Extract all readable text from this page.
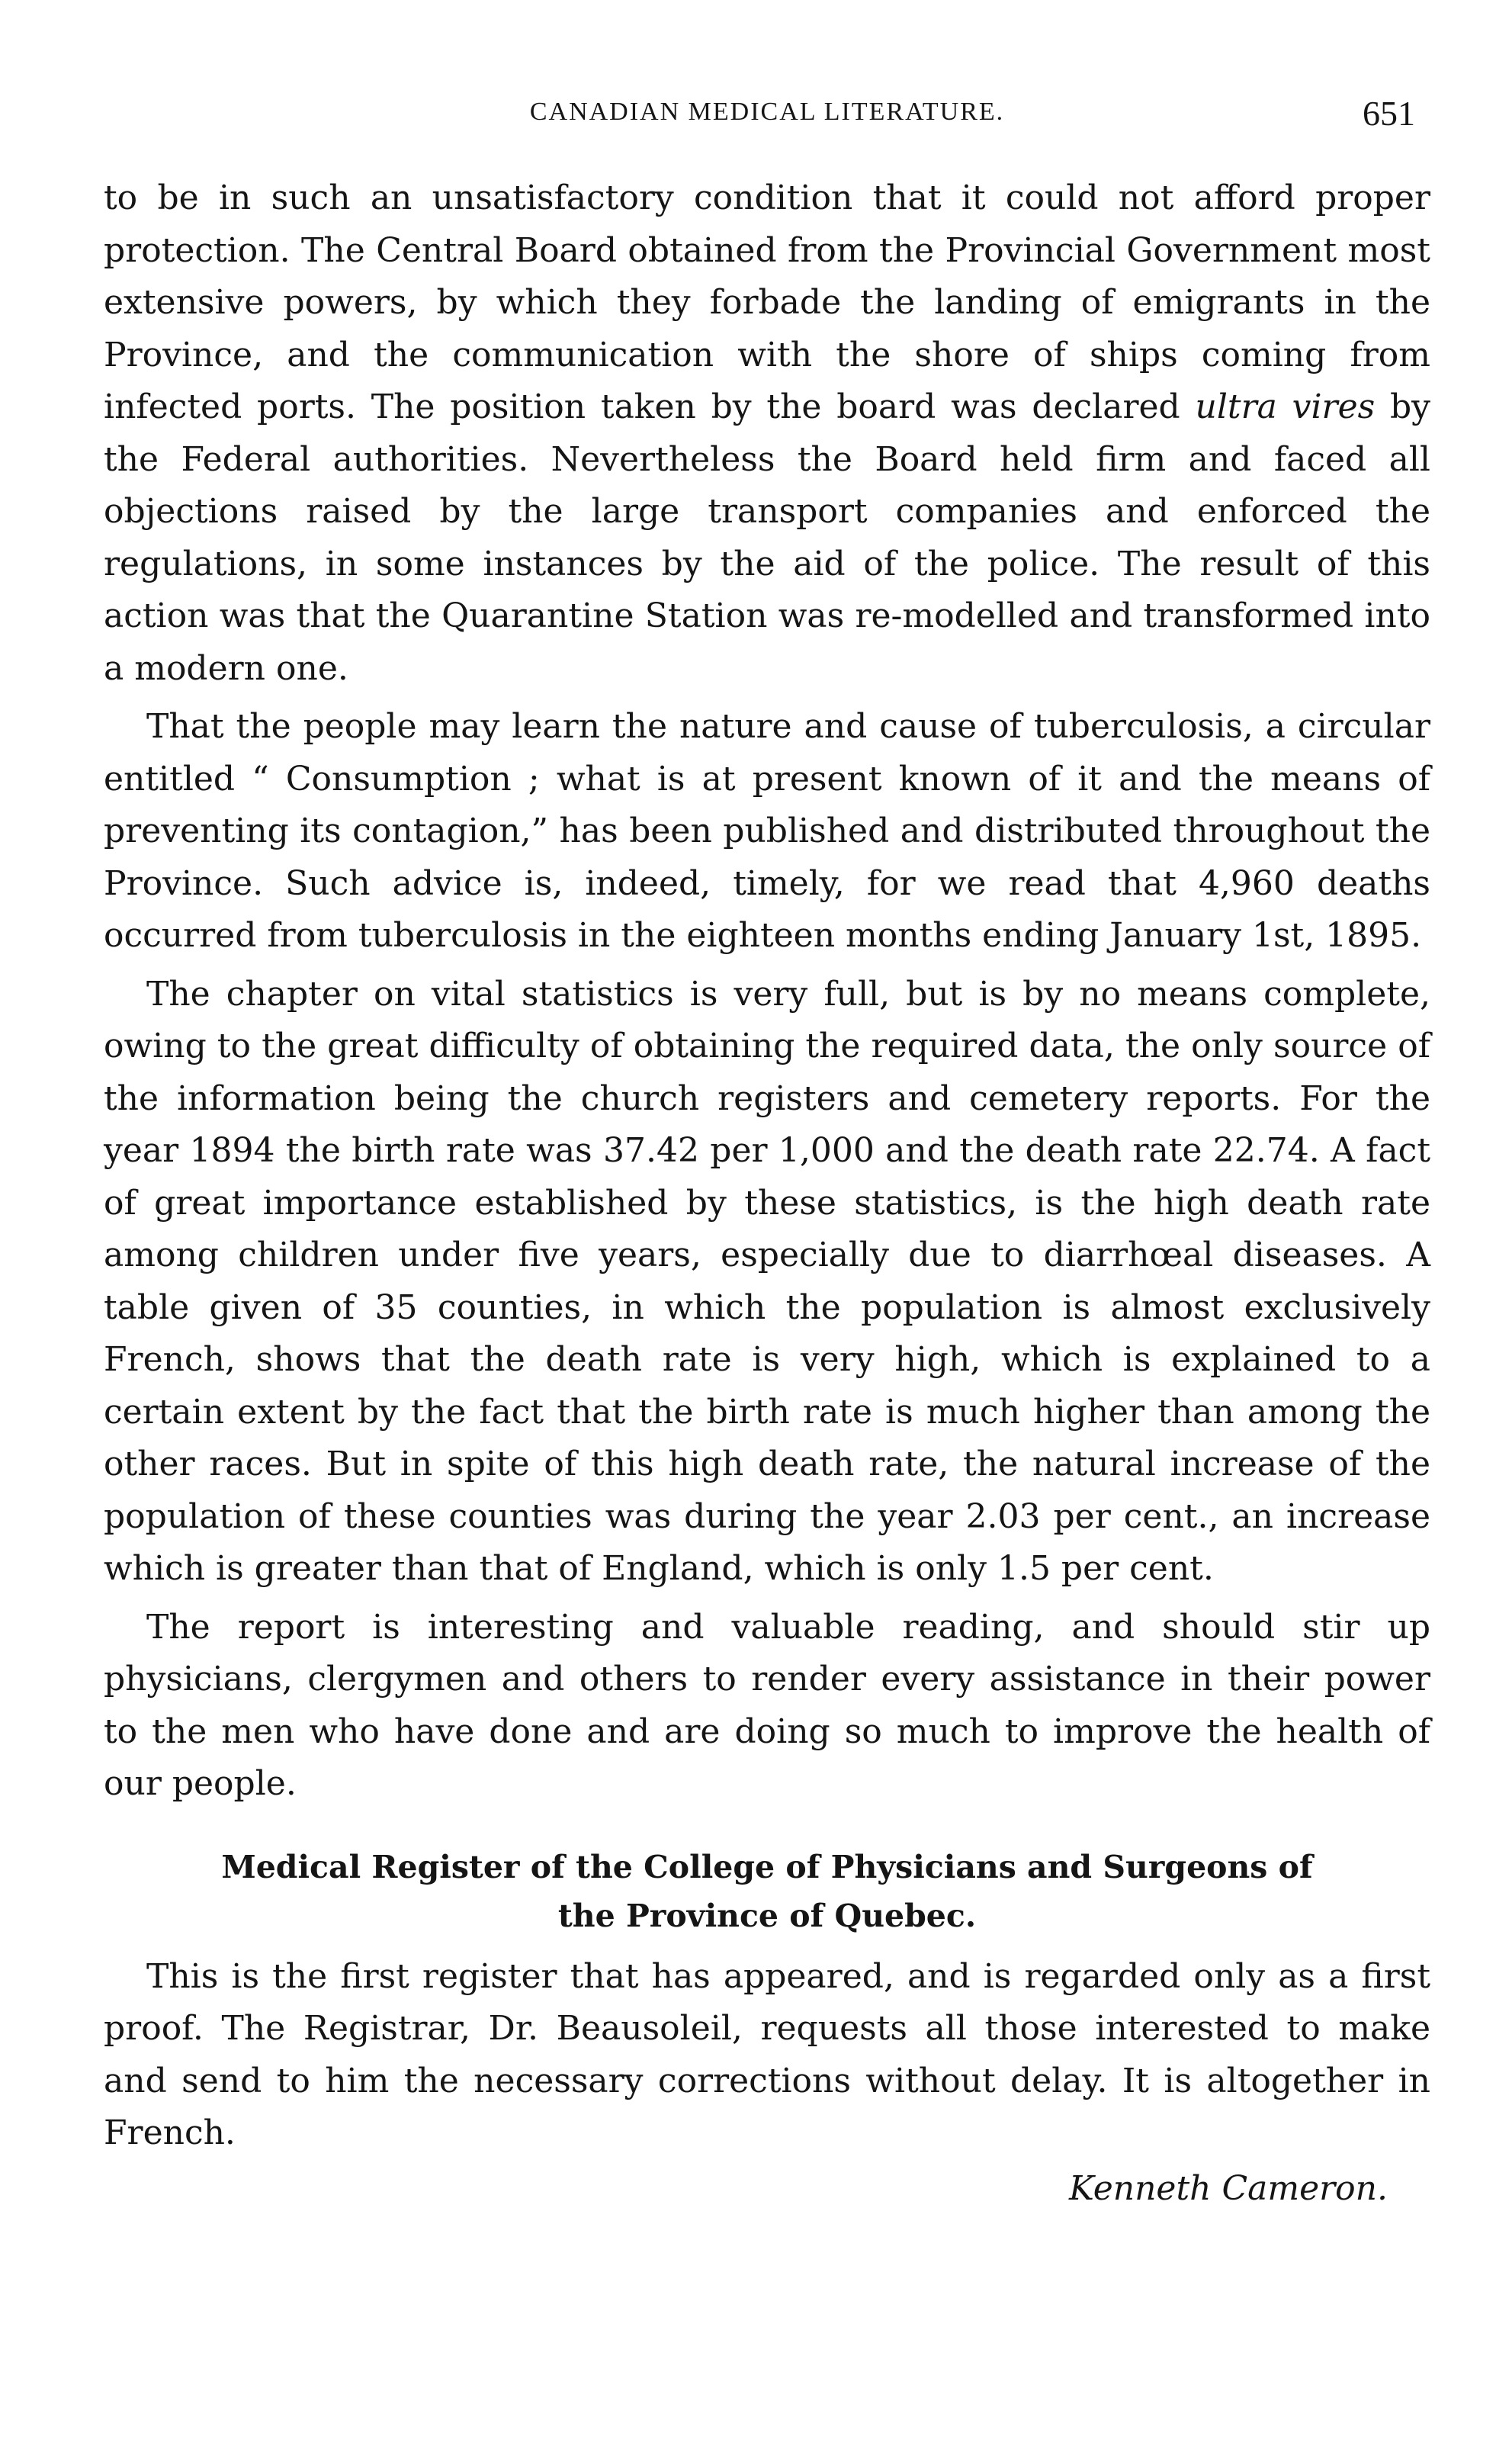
CANADIAN MEDICAL LITERATURE.	651

to be in such an unsatisfactory condition that it could not afford proper protection. The Central Board obtained from the Provincial Government most extensive powers, by which they forbade the landing of emigrants in the Province, and the communication with the shore of ships coming from infected ports. The position taken by the board was declared ultra vires by the Federal authorities. Nevertheless the Board held firm and faced all objections raised by the large transport companies and enforced the regulations, in some instances by the aid of the police. The result of this action was that the Quarantine Station was re-modelled and transformed into a modern one.

That the people may learn the nature and cause of tuberculosis, a circular entitled “ Consumption ; what is at present known of it and the means of preventing its contagion,” has been published and distributed throughout the Province. Such advice is, indeed, timely, for we read that 4,960 deaths occurred from tuberculosis in the eighteen months ending January 1st, 1895.

The chapter on vital statistics is very full, but is by no means complete, owing to the great difficulty of obtaining the required data, the only source of the information being the church registers and cemetery reports. For the year 1894 the birth rate was 37.42 per 1,000 and the death rate 22.74. A fact of great importance established by these statistics, is the high death rate among children under five years, especially due to diarrhœal diseases. A table given of 35 counties, in which the population is almost exclusively French, shows that the death rate is very high, which is explained to a certain extent by the fact that the birth rate is much higher than among the other races. But in spite of this high death rate, the natural increase of the population of these counties was during the year 2.03 per cent., an increase which is greater than that of England, which is only 1.5 per cent.

The report is interesting and valuable reading, and should stir up physicians, clergymen and others to render every assistance in their power to the men who have done and are doing so much to improve the health of our people.

Medical Register of the College of Physicians and Surgeons of
the Province of Quebec.

This is the first register that has appeared, and is regarded only as a first proof. The Registrar, Dr. Beausoleil, requests all those interested to make and send to him the necessary corrections without delay. It is altogether in French.

Kenneth Cameron.
